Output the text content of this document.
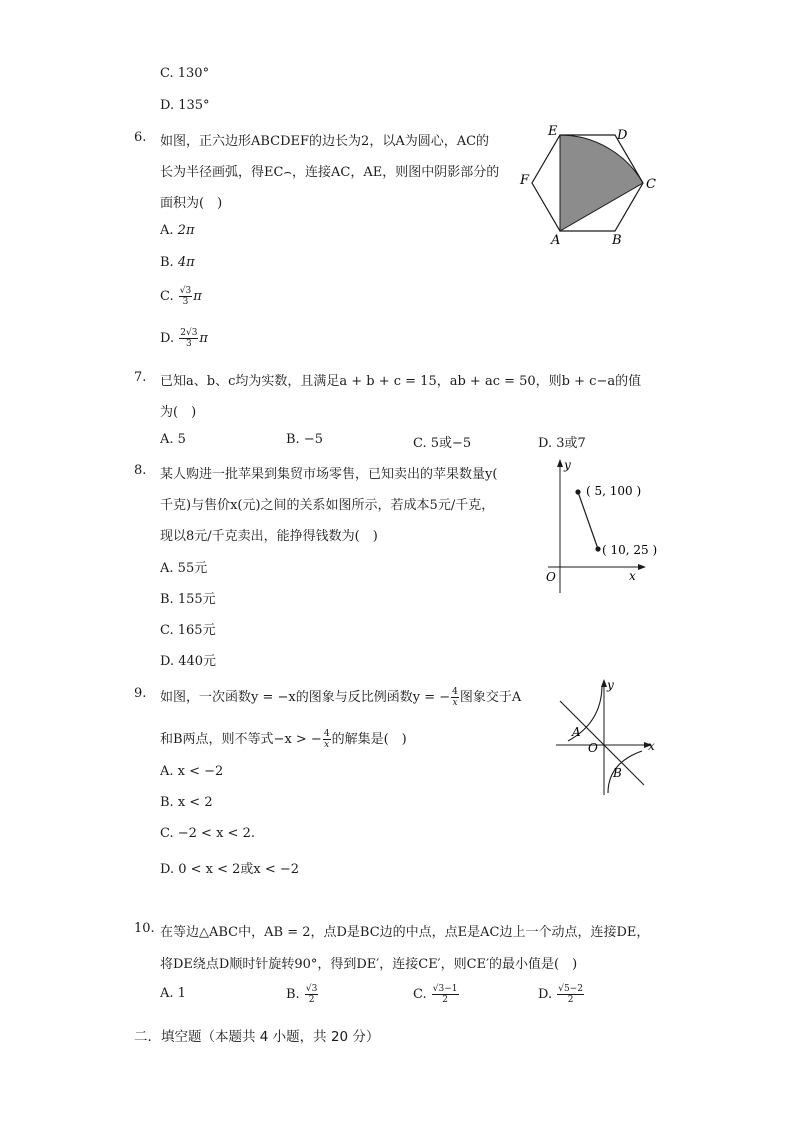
C. 130°
D. 135°
6. 如图，正六边形ABCDEF的边长为2，以A为圆心，AC的
长为半径画弧，得EC⌢，连接AC，AE，则图中阴影部分的
面积为(　)
A. 2π
B. 4π
C. $\frac{√3}{3}$ π
D. $\frac{2√3}{3}$ π
E	D
F	C
A	B
7. 已知a、b、c均为实数，且满足a + b + c = 15，ab + ac = 50，则b + c−a的值
为(　)
A. 5	B. −5	C. 5或−5	D. 3或7
8. 某人购进一批苹果到集贸市场零售，已知卖出的苹果数量y(
千克)与售价x(元)之间的关系如图所示，若成本5元/千克，
现以8元/千克卖出，能挣得钱数为(　)
A. 55元
B. 155元
C. 165元
D. 440元
y
x
O
( 5, 100 )
( 10, 25 )
9. 如图，一次函数y = −x的图象与反比例函数y = − $\frac{4}{x}$ 图象交于A
和B两点，则不等式−x > − $\frac{4}{x}$ 的解集是(　)
A. x < −2
B. x < 2
C. −2 < x < 2.
D. 0 < x < 2或x < −2
y
x
O
A
B
10. 在等边△ABC中，AB = 2，点D是BC边的中点，点E是AC边上一个动点，连接DE，
将DE绕点D顺时针旋转90°，得到DE′，连接CE′，则CE′的最小值是(　)
A. 1	B. $\frac{√3}{2}$	C. $\frac{√3-1}{2}$	D. $\frac{√5-2}{2}$
二．填空题（本题共 4 小题，共 20 分）
